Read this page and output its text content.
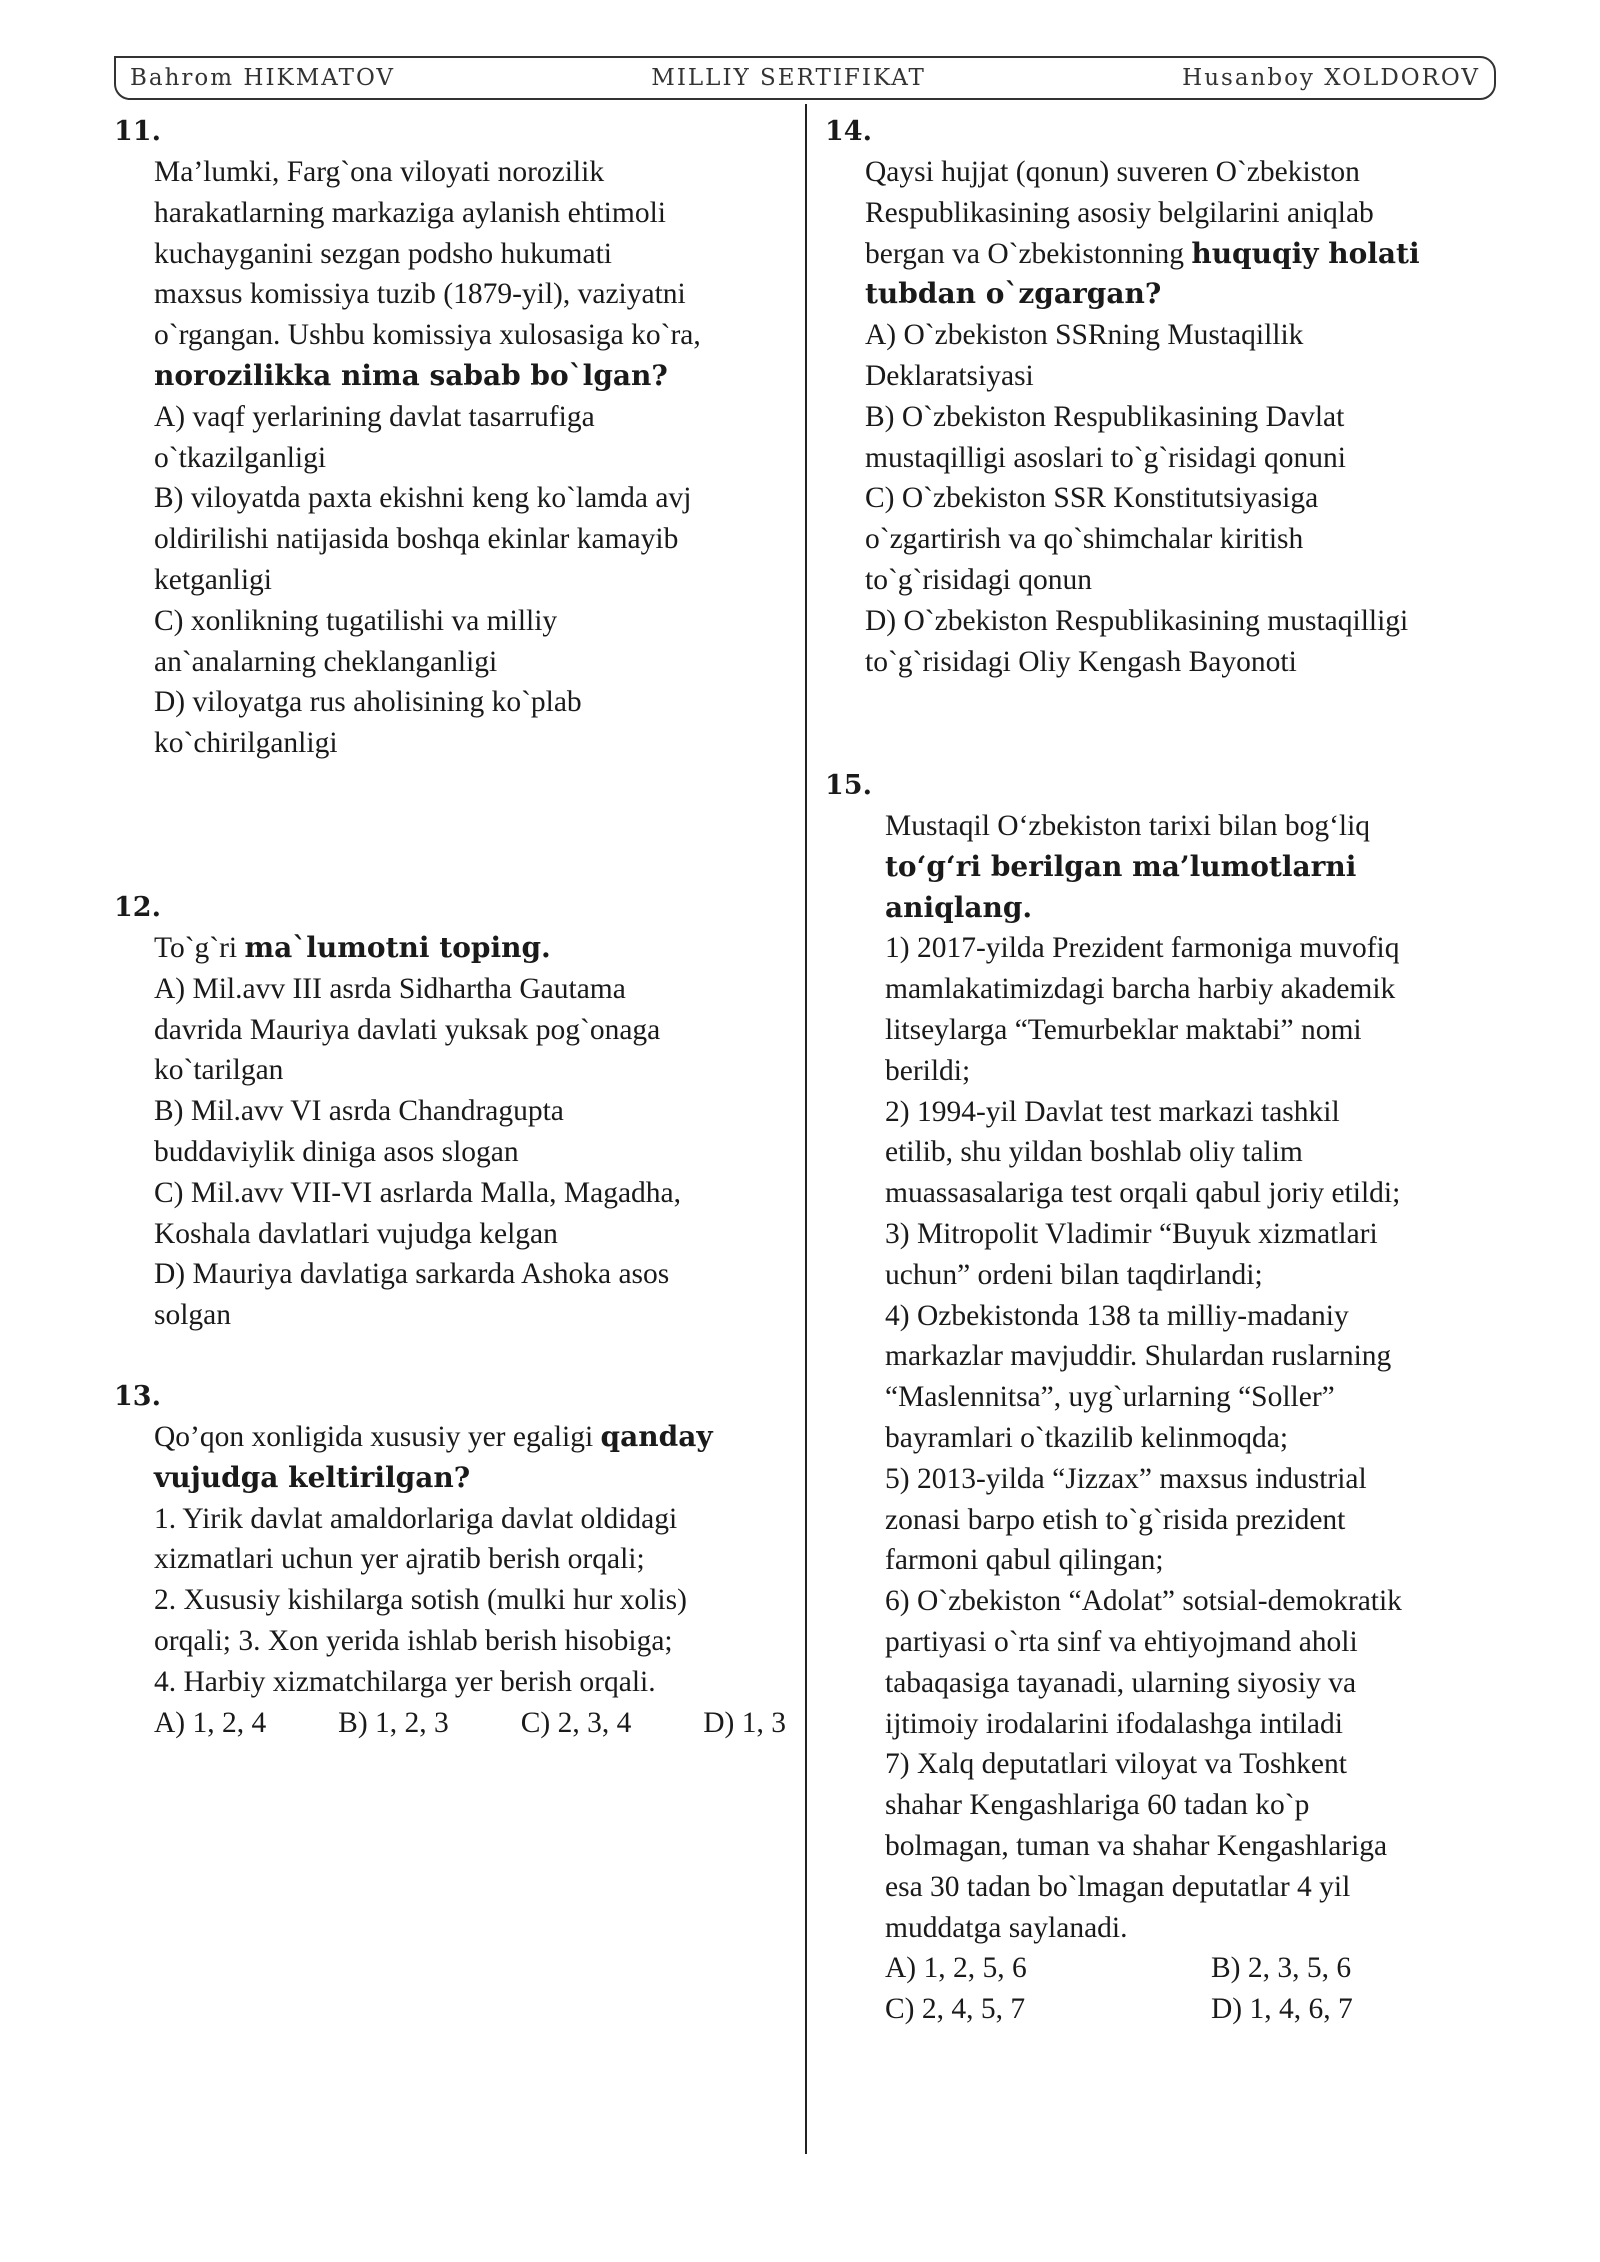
Bahrom HIKMATOV	MILLIY SERTIFIKAT	Husanboy XOLDOROV
11.
Ma’lumki, Farg`ona viloyati norozilik
harakatlarning markaziga aylanish ehtimoli
kuchayganini sezgan podsho hukumati
maxsus komissiya tuzib (1879-yil), vaziyatni
o`rgangan. Ushbu komissiya xulosasiga ko`ra,
norozilikka nima sabab bo`lgan?
A) vaqf yerlarining davlat tasarrufiga
o`tkazilganligi
B) viloyatda paxta ekishni keng ko`lamda avj
oldirilishi natijasida boshqa ekinlar kamayib
ketganligi
C) xonlikning tugatilishi va milliy
an`analarning cheklanganligi
D) viloyatga rus aholisining ko`plab
ko`chirilganligi
12.
To`g`ri ma`lumotni toping.
A) Mil.avv III asrda Sidhartha Gautama
davrida Mauriya davlati yuksak pog`onaga
ko`tarilgan
B) Mil.avv VI asrda Chandragupta
buddaviylik diniga asos slogan
C) Mil.avv VII-VI asrlarda Malla, Magadha,
Koshala davlatlari vujudga kelgan
D) Mauriya davlatiga sarkarda Ashoka asos
solgan
13.
Qo’qon xonligida xususiy yer egaligi qanday
vujudga keltirilgan?
1. Yirik davlat amaldorlariga davlat oldidagi
xizmatlari uchun yer ajratib berish orqali;
2. Xususiy kishilarga sotish (mulki hur xolis)
orqali; 3. Xon yerida ishlab berish hisobiga;
4. Harbiy xizmatchilarga yer berish orqali.
A) 1, 2, 4 B) 1, 2, 3 C) 2, 3, 4 D) 1, 3
14.
Qaysi hujjat (qonun) suveren O`zbekiston
Respublikasining asosiy belgilarini aniqlab
bergan va O`zbekistonning huquqiy holati
tubdan o`zgargan?
A) O`zbekiston SSRning Mustaqillik
Deklaratsiyasi
B) O`zbekiston Respublikasining Davlat
mustaqilligi asoslari to`g`risidagi qonuni
C) O`zbekiston SSR Konstitutsiyasiga
o`zgartirish va qo`shimchalar kiritish
to`g`risidagi qonun
D) O`zbekiston Respublikasining mustaqilligi
to`g`risidagi Oliy Kengash Bayonoti
15.
Mustaqil O‘zbekiston tarixi bilan bog‘liq
to‘g‘ri berilgan ma’lumotlarni
aniqlang.
1) 2017-yilda Prezident farmoniga muvofiq
mamlakatimizdagi barcha harbiy akademik
litseylarga “Temurbeklar maktabi” nomi
berildi;
2) 1994-yil Davlat test markazi tashkil
etilib, shu yildan boshlab oliy talim
muassasalariga test orqali qabul joriy etildi;
3) Mitropolit Vladimir “Buyuk xizmatlari
uchun” ordeni bilan taqdirlandi;
4) Ozbekistonda 138 ta milliy-madaniy
markazlar mavjuddir. Shulardan ruslarning
“Maslennitsa”, uyg`urlarning “Soller”
bayramlari o`tkazilib kelinmoqda;
5) 2013-yilda “Jizzax” maxsus industrial
zonasi barpo etish to`g`risida prezident
farmoni qabul qilingan;
6) O`zbekiston “Adolat” sotsial-demokratik
partiyasi o`rta sinf va ehtiyojmand aholi
tabaqasiga tayanadi, ularning siyosiy va
ijtimoiy irodalarini ifodalashga intiladi
7) Xalq deputatlari viloyat va Toshkent
shahar Kengashlariga 60 tadan ko`p
bolmagan, tuman va shahar Kengashlariga
esa 30 tadan bo`lmagan deputatlar 4 yil
muddatga saylanadi.
A) 1, 2, 5, 6	B) 2, 3, 5, 6
C) 2, 4, 5, 7	D) 1, 4, 6, 7
